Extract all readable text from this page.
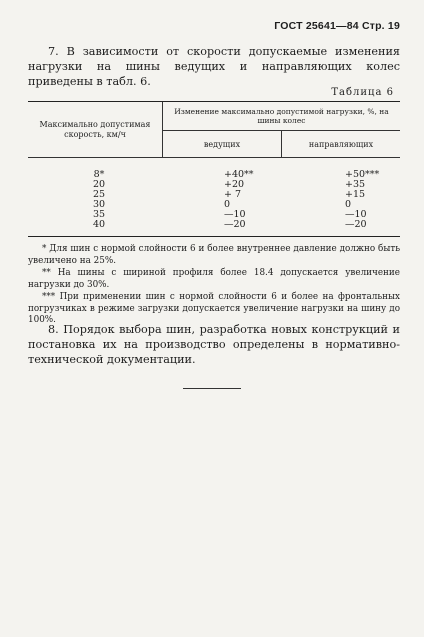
ГОСТ 25641—84 Стр. 19
7. В зависимости от скорости допускаемые изменения нагрузки на шины ведущих и направляющих колес приведены в табл. 6.
Таблица 6
Максимально допустимая скорость, км/ч
Изменение максимально допустимой нагрузки, %, на шины колес
ведущих	направляющих
8*	+40**	+50***
20	+20	+35
25	+ 7	+15
30	0	0
35	—10	—10
40	—20	—20

* Для шин с нормой слойности 6 и более внутреннее давление должно быть увеличено на 25%.

** На шины с шириной профиля более 18.4 допускается увеличение нагрузки до 30%.

*** При применении шин с нормой слойности 6 и более на фронтальных погрузчиках в режиме загрузки допускается увеличение нагрузки на шину до 100%.

8. Порядок выбора шин, разработка новых конструкций и постановка их на производство определены в нормативно-технической документации.
